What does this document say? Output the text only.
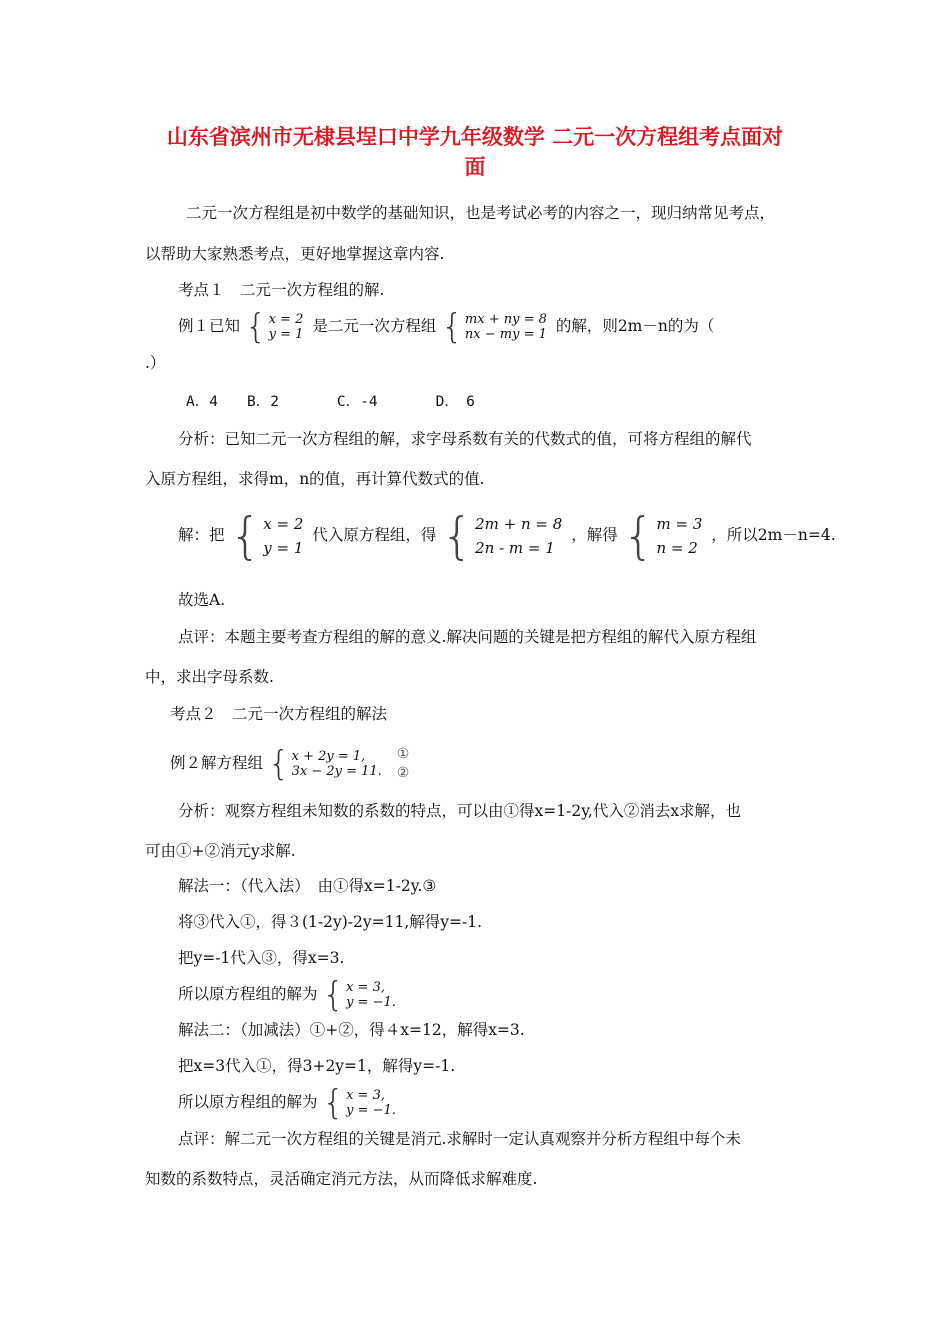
山东省滨州市无棣县埕口中学九年级数学 二元一次方程组考点面对
面
二元一次方程组是初中数学的基础知识，也是考试必考的内容之一，现归纳常见考点，
以帮助大家熟悉考点，更好地掌握这章内容.
考点１　二元一次方程组的解.
例１已知 { x = 2
y = 1 是二元一次方程组 { mx + ny = 8
nx − my = 1 的解，则2m－n的为（
.）
A．4　　B．2　　　　C．-4　　　　D．　6
分析：已知二元一次方程组的解，求字母系数有关的代数式的值，可将方程组的解代
入原方程组，求得m，n的值，再计算代数式的值.
解：把 { x = 2
y = 1
代入原方程组，得 { 2m + n = 8
2n - m = 1
，解得 { m = 3
n = 2
，所以2m－n=4.
故选A.
点评：本题主要考查方程组的解的意义.解决问题的关键是把方程组的解代入原方程组
中，求出字母系数.
考点２　二元一次方程组的解法
例２解方程组 { x + 2y = 1,
3x − 2y = 11.

①
②
分析：观察方程组未知数的系数的特点，可以由①得x=1-2y,代入②消去x求解，也
可由①+②消元y求解.
解法一：（代入法）　由①得x=1-2y.③
将③代入①，得３(1-2y)-2y=11,解得y=-1.
把y=-1代入③，得x=3.
所以原方程组的解为 { x = 3,
y = −1.
解法二：（加减法）①+②，得４x=12，解得x=3.
把x=3代入①，得3+2y=1，解得y=-1.
所以原方程组的解为 { x = 3,
y = −1.
点评：解二元一次方程组的关键是消元.求解时一定认真观察并分析方程组中每个未
知数的系数特点，灵活确定消元方法，从而降低求解难度.
